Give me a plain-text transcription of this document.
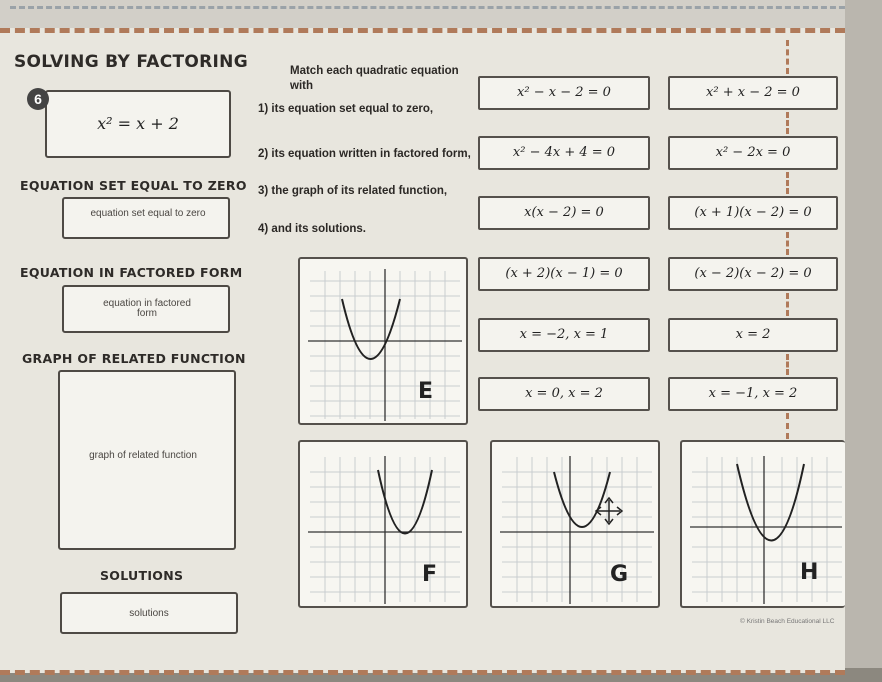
SOLVING BY FACTORING
x² = x + 2
6
EQUATION SET EQUAL TO ZERO
equation set equal to zero
EQUATION IN FACTORED FORM
equation in factored form
GRAPH OF RELATED FUNCTION
graph of related function
SOLUTIONS
solutions
Match each quadratic equation with
1) its equation set equal to zero,
2) its equation written in factored form,
3) the graph of its related function,
4) and its solutions.
x² − x − 2 = 0	x² + x − 2 = 0
x² − 4x + 4 = 0	x² − 2x = 0
x(x − 2) = 0	(x + 1)(x − 2) = 0
(x + 2)(x − 1) = 0	(x − 2)(x − 2) = 0
x = −2, x = 1	x = 2
x = 0, x = 2	x = −1, x = 2
E
F	G	H
© Kristin Beach Educational LLC
